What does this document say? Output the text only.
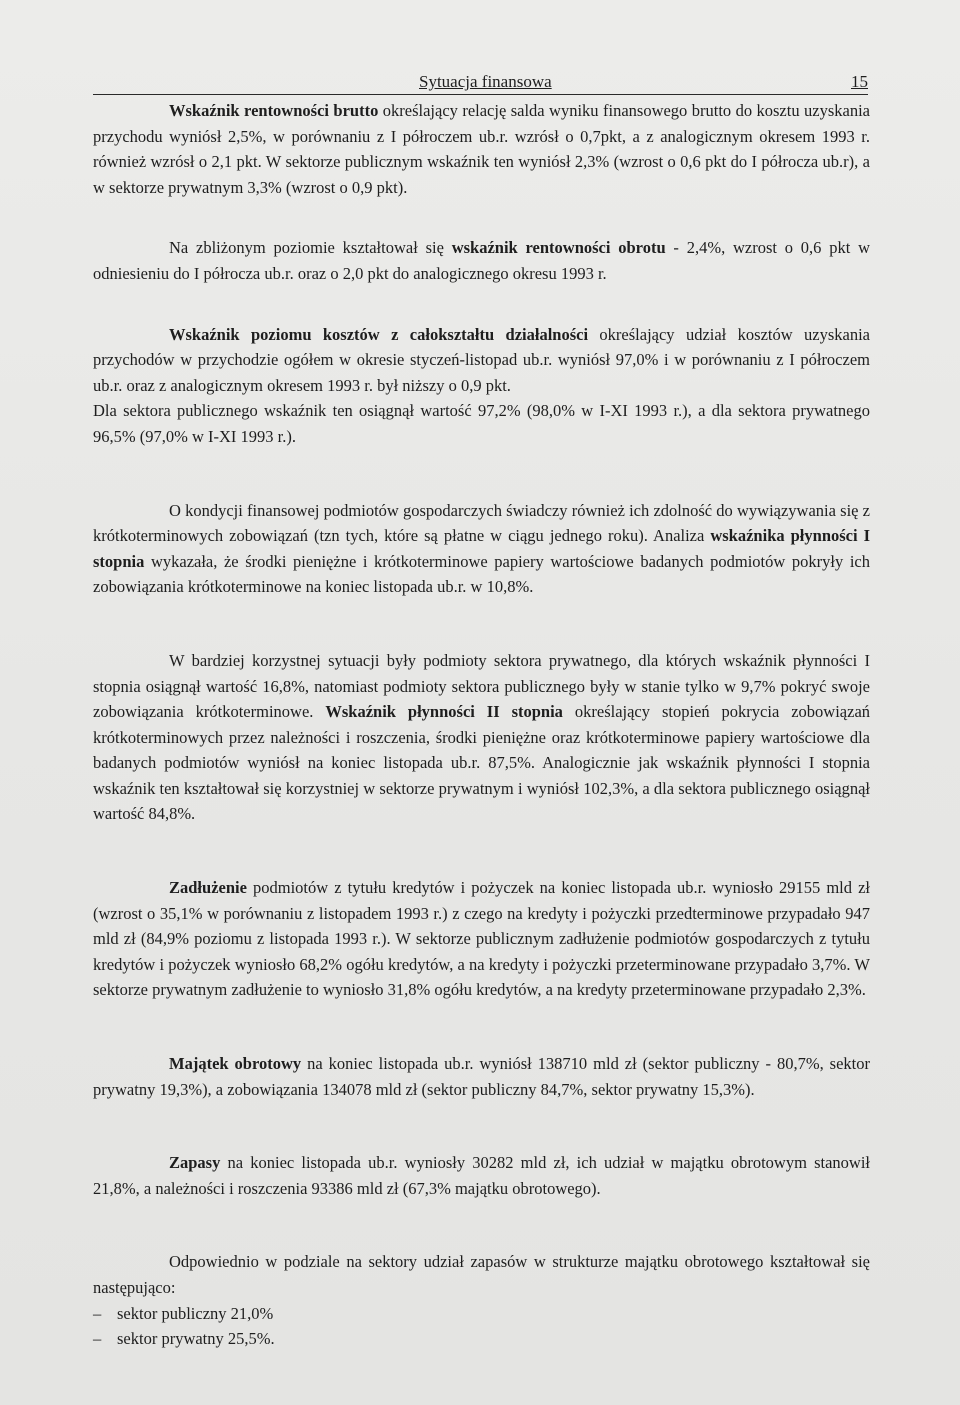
Sytuacja finansowa	15

Wskaźnik rentowności brutto określający relację salda wyniku finansowego brutto do kosztu uzyskania przychodu wyniósł 2,5%, w porównaniu z I półroczem ub.r. wzrósł o 0,7pkt, a z analogicznym okresem 1993 r. również wzrósł o 2,1 pkt. W sektorze publicznym wskaźnik ten wyniósł 2,3% (wzrost o 0,6 pkt do I półrocza ub.r), a w sektorze prywatnym 3,3% (wzrost o 0,9 pkt).

Na zbliżonym poziomie kształtował się wskaźnik rentowności obrotu - 2,4%, wzrost o 0,6 pkt w odniesieniu do I półrocza ub.r. oraz o 2,0 pkt do analogicznego okresu 1993 r.

Wskaźnik poziomu kosztów z całokształtu działalności określający udział kosztów uzyskania przychodów w przychodzie ogółem w okresie styczeń-listopad ub.r. wyniósł 97,0% i w porównaniu z I półroczem ub.r. oraz z analogicznym okresem 1993 r. był niższy o 0,9 pkt.

Dla sektora publicznego wskaźnik ten osiągnął wartość 97,2% (98,0% w I-XI 1993 r.), a dla sektora prywatnego 96,5% (97,0% w I-XI 1993 r.).

O kondycji finansowej podmiotów gospodarczych świadczy również ich zdolność do wywiązywania się z krótkoterminowych zobowiązań (tzn tych, które są płatne w ciągu jednego roku). Analiza wskaźnika płynności I stopnia wykazała, że środki pieniężne i krótkoterminowe papiery wartościowe badanych podmiotów pokryły ich zobowiązania krótkoterminowe na koniec listopada ub.r. w 10,8%.

W bardziej korzystnej sytuacji były podmioty sektora prywatnego, dla których wskaźnik płynności I stopnia osiągnął wartość 16,8%, natomiast podmioty sektora publicznego były w stanie tylko w 9,7% pokryć swoje zobowiązania krótkoterminowe. Wskaźnik płynności II stopnia określający stopień pokrycia zobowiązań krótkoterminowych przez należności i roszczenia, środki pieniężne oraz krótkoterminowe papiery wartościowe dla badanych podmiotów wyniósł na koniec listopada ub.r. 87,5%. Analogicznie jak wskaźnik płynności I stopnia wskaźnik ten kształtował się korzystniej w sektorze prywatnym i wyniósł 102,3%, a dla sektora publicznego osiągnął wartość 84,8%.

Zadłużenie podmiotów z tytułu kredytów i pożyczek na koniec listopada ub.r. wyniosło 29155 mld zł (wzrost o 35,1% w porównaniu z listopadem 1993 r.) z czego na kredyty i pożyczki przedterminowe przypadało 947 mld zł (84,9% poziomu z listopada 1993 r.). W sektorze publicznym zadłużenie podmiotów gospodarczych z tytułu kredytów i pożyczek wyniosło 68,2% ogółu kredytów, a na kredyty i pożyczki przeterminowane przypadało 3,7%. W sektorze prywatnym zadłużenie to wyniosło 31,8% ogółu kredytów, a na kredyty przeterminowane przypadało 2,3%.

Majątek obrotowy na koniec listopada ub.r. wyniósł 138710 mld zł (sektor publiczny - 80,7%, sektor prywatny 19,3%), a zobowiązania 134078 mld zł (sektor publiczny 84,7%, sektor prywatny 15,3%).

Zapasy na koniec listopada ub.r. wyniosły 30282 mld zł, ich udział w majątku obrotowym stanowił 21,8%, a należności i roszczenia 93386 mld zł (67,3% majątku obrotowego).

Odpowiednio w podziale na sektory udział zapasów w strukturze majątku obrotowego kształtował się następująco:

– sektor publiczny 21,0%
– sektor prywatny 25,5%.
